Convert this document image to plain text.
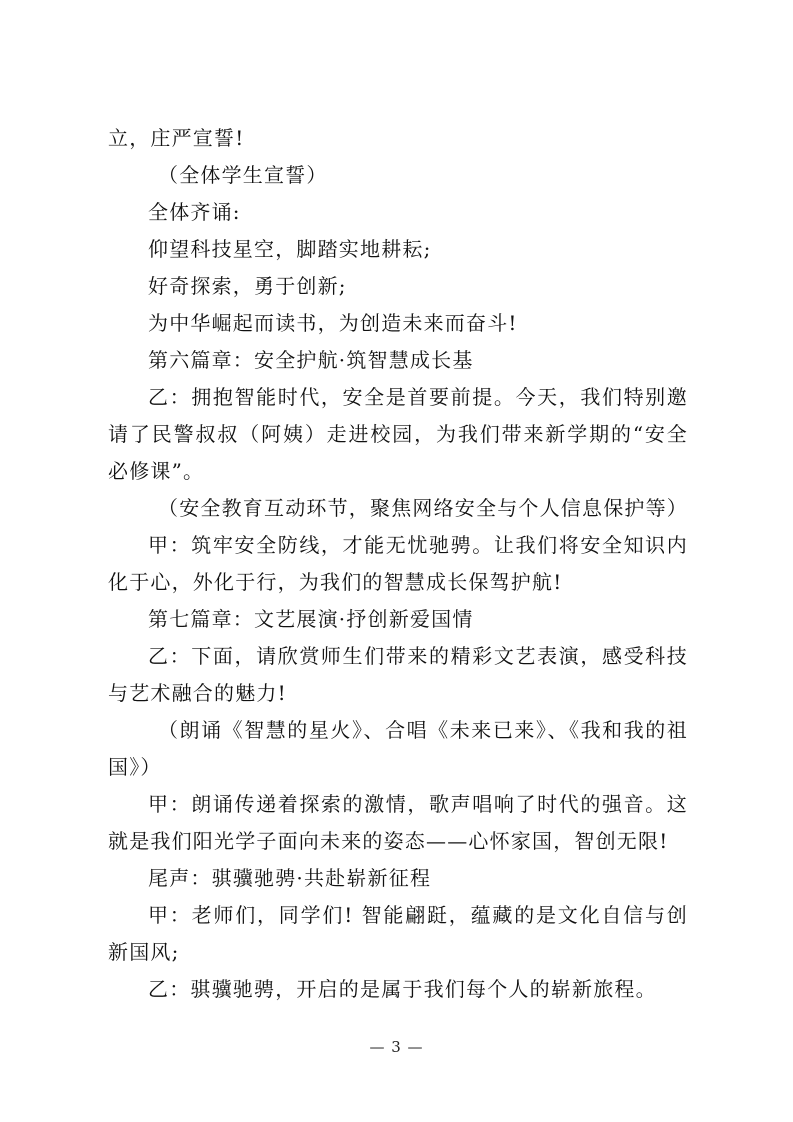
立，庄严宣誓!

（全体学生宣誓）

全体齐诵:

仰望科技星空，脚踏实地耕耘;

好奇探索，勇于创新;

为中华崛起而读书，为创造未来而奋斗!

第六篇章：安全护航·筑智慧成长基

乙：拥抱智能时代，安全是首要前提。今天，我们特别邀请了民警叔叔（阿姨）走进校园，为我们带来新学期的“安全必修课”。

（安全教育互动环节，聚焦网络安全与个人信息保护等）

甲：筑牢安全防线，才能无忧驰骋。让我们将安全知识内化于心，外化于行，为我们的智慧成长保驾护航!

第七篇章：文艺展演·抒创新爱国情

乙：下面，请欣赏师生们带来的精彩文艺表演，感受科技与艺术融合的魅力!

（朗诵《智慧的星火》、合唱《未来已来》、《我和我的祖国》）

甲：朗诵传递着探索的激情，歌声唱响了时代的强音。这就是我们阳光学子面向未来的姿态——心怀家国，智创无限!

尾声：骐骥驰骋·共赴崭新征程

甲：老师们，同学们! 智能翩跹，蕴藏的是文化自信与创新国风;

乙：骐骥驰骋，开启的是属于我们每个人的崭新旅程。

— 3 —
